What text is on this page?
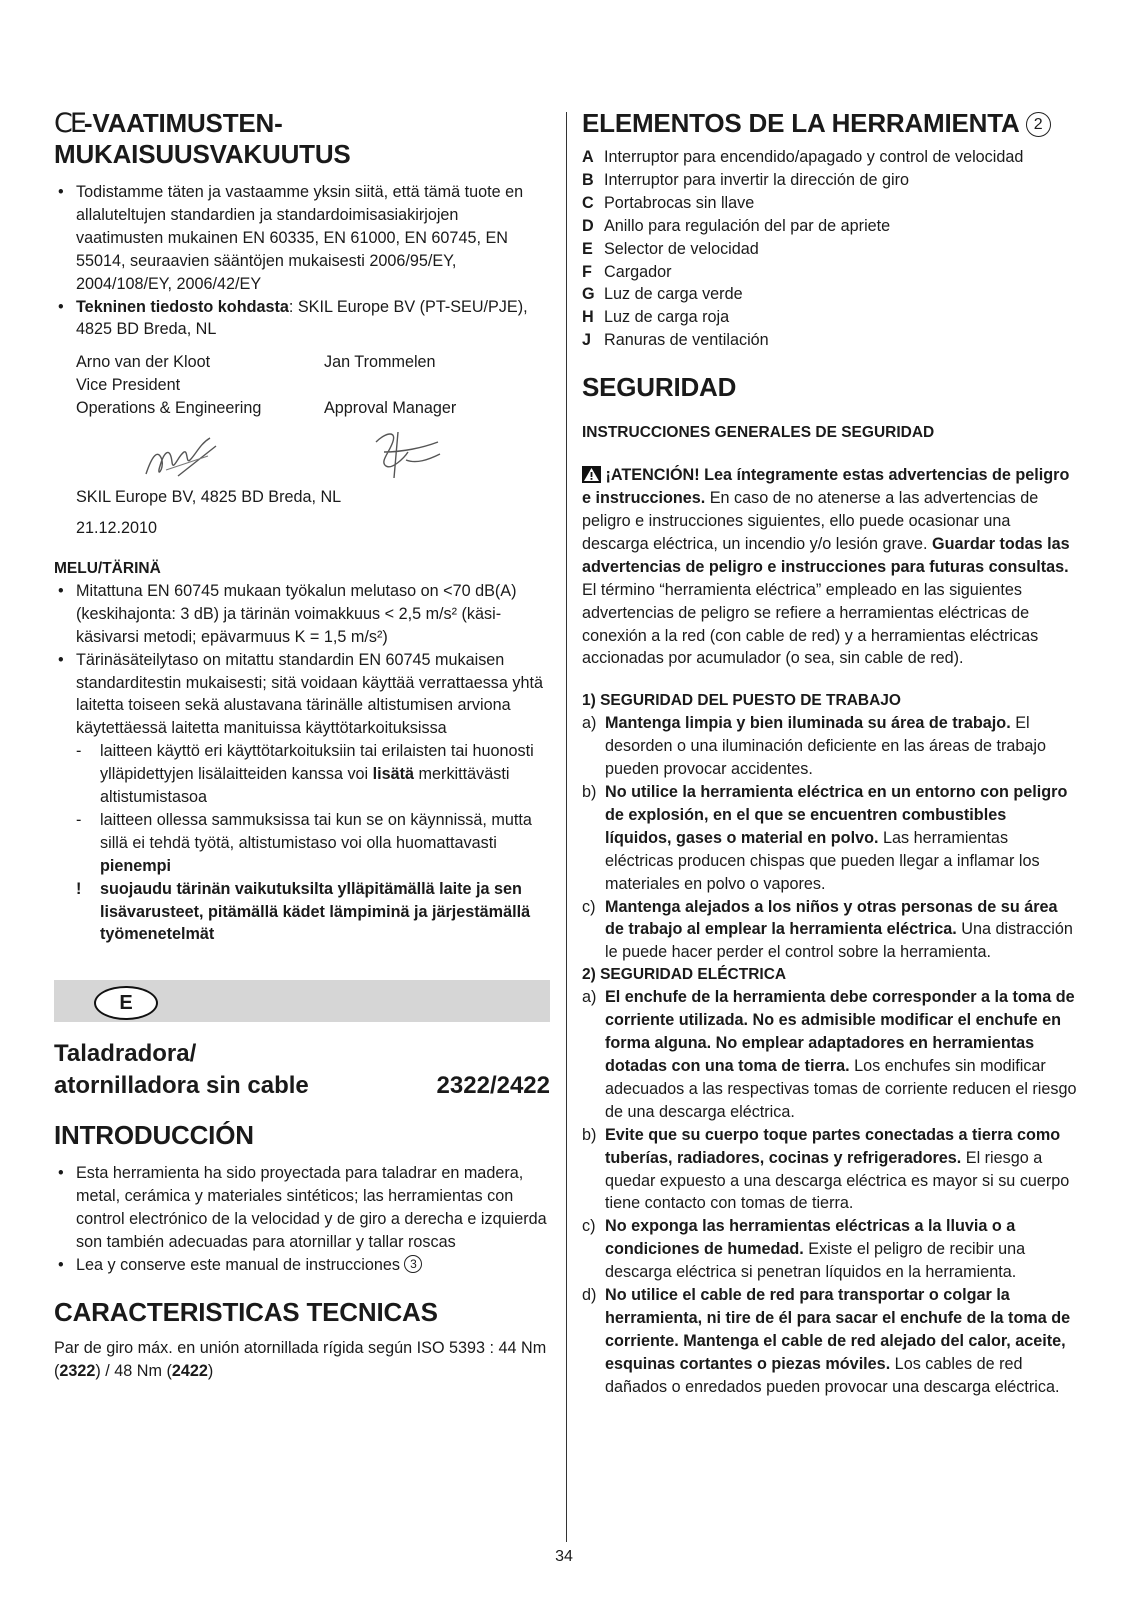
CE-VAATIMUSTEN-
MUKAISUUSVAKUUTUS
• Todistamme täten ja vastaamme yksin siitä, että tämä tuote en allaluteltujen standardien ja standardoimisasiakirjojen vaatimusten mukainen EN 60335, EN 61000, EN 60745, EN 55014, seuraavien sääntöjen mukaisesti 2006/95/EY, 2004/108/EY, 2006/42/EY
• Tekninen tiedosto kohdasta: SKIL Europe BV (PT-SEU/PJE), 4825 BD Breda, NL
Arno van der Kloot	Jan Trommelen
Vice President
Operations & Engineering	Approval Manager
SKIL Europe BV, 4825 BD Breda, NL
21.12.2010
MELU/TÄRINÄ
• Mitattuna EN 60745 mukaan työkalun melutaso on <70 dB(A) (keskihajonta: 3 dB) ja tärinän voimakkuus < 2,5 m/s² (käsi-käsivarsi metodi; epävarmuus K = 1,5 m/s²)
• Tärinäsäteilytaso on mitattu standardin EN 60745 mukaisen standarditestin mukaisesti; sitä voidaan käyttää verrattaessa yhtä laitetta toiseen sekä alustavana tärinälle altistumisen arviona käytettäessä laitetta manituissa käyttötarkoituksissa
- laitteen käyttö eri käyttötarkoituksiin tai erilaisten tai huonosti ylläpidettyjen lisälaitteiden kanssa voi lisätä merkittävästi altistumistasoa
- laitteen ollessa sammuksissa tai kun se on käynnissä, mutta sillä ei tehdä työtä, altistumistaso voi olla huomattavasti pienempi
! suojaudu tärinän vaikutuksilta ylläpitämällä laite ja sen lisävarusteet, pitämällä kädet lämpiminä ja järjestämällä työmenetelmät
E
Taladradora/
atornilladora sin cable	2322/2422
INTRODUCCIÓN
• Esta herramienta ha sido proyectada para taladrar en madera, metal, cerámica y materiales sintéticos; las herramientas con control electrónico de la velocidad y de giro a derecha e izquierda son también adecuadas para atornillar y tallar roscas
• Lea y conserve este manual de instrucciones 3
CARACTERISTICAS TECNICAS

Par de giro máx. en unión atornillada rígida según ISO 5393 : 44 Nm (2322) / 48 Nm (2422)

ELEMENTOS DE LA HERRAMIENTA 2
A Interruptor para encendido/apagado y control de velocidad
B Interruptor para invertir la dirección de giro
C Portabrocas sin llave
D Anillo para regulación del par de apriete
E Selector de velocidad
F Cargador
G Luz de carga verde
H Luz de carga roja
J Ranuras de ventilación
SEGURIDAD
INSTRUCCIONES GENERALES DE SEGURIDAD

¡ATENCIÓN! Lea íntegramente estas advertencias de peligro e instrucciones. En caso de no atenerse a las advertencias de peligro e instrucciones siguientes, ello puede ocasionar una descarga eléctrica, un incendio y/o lesión grave. Guardar todas las advertencias de peligro e instrucciones para futuras consultas. El término “herramienta eléctrica” empleado en las siguientes advertencias de peligro se refiere a herramientas eléctricas de conexión a la red (con cable de red) y a herramientas eléctricas accionadas por acumulador (o sea, sin cable de red).

1) SEGURIDAD DEL PUESTO DE TRABAJO
a) Mantenga limpia y bien iluminada su área de trabajo. El desorden o una iluminación deficiente en las áreas de trabajo pueden provocar accidentes.
b) No utilice la herramienta eléctrica en un entorno con peligro de explosión, en el que se encuentren combustibles líquidos, gases o material en polvo. Las herramientas eléctricas producen chispas que pueden llegar a inflamar los materiales en polvo o vapores.
c) Mantenga alejados a los niños y otras personas de su área de trabajo al emplear la herramienta eléctrica. Una distracción le puede hacer perder el control sobre la herramienta.
2) SEGURIDAD ELÉCTRICA
a) El enchufe de la herramienta debe corresponder a la toma de corriente utilizada. No es admisible modificar el enchufe en forma alguna. No emplear adaptadores en herramientas dotadas con una toma de tierra. Los enchufes sin modificar adecuados a las respectivas tomas de corriente reducen el riesgo de una descarga eléctrica.
b) Evite que su cuerpo toque partes conectadas a tierra como tuberías, radiadores, cocinas y refrigeradores. El riesgo a quedar expuesto a una descarga eléctrica es mayor si su cuerpo tiene contacto con tomas de tierra.
c) No exponga las herramientas eléctricas a la lluvia o a condiciones de humedad. Existe el peligro de recibir una descarga eléctrica si penetran líquidos en la herramienta.
d) No utilice el cable de red para transportar o colgar la herramienta, ni tire de él para sacar el enchufe de la toma de corriente. Mantenga el cable de red alejado del calor, aceite, esquinas cortantes o piezas móviles. Los cables de red dañados o enredados pueden provocar una descarga eléctrica.
34
